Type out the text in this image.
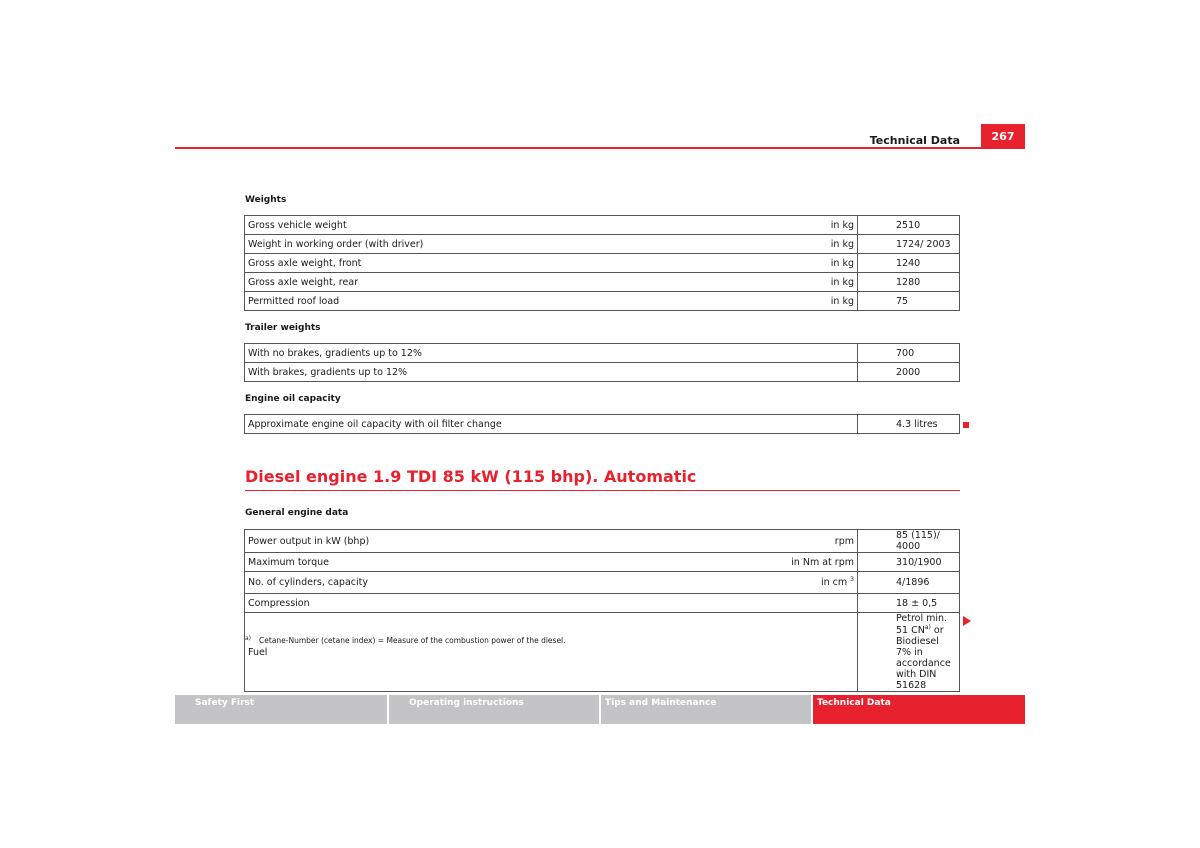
Technical Data	267
Weights
Gross vehicle weight	in kg	2510
Weight in working order (with driver)	in kg	1724/ 2003
Gross axle weight, front	in kg	1240
Gross axle weight, rear	in kg	1280
Permitted roof load	in kg	75
Trailer weights
With no brakes, gradients up to 12%		700
With brakes, gradients up to 12%		2000
Engine oil capacity
Approximate engine oil capacity with oil filter change		4.3 litres
Diesel engine 1.9 TDI 85 kW (115 bhp). Automatic
General engine data
Power output in kW (bhp)	rpm	85 (115)/ 4000
Maximum torque	in Nm at rpm	310/1900
No. of cylinders, capacity	in cm $^3$	4/1896
Compression		18 ± 0,5
Fuel		Petrol min. 51 CN$^{a)}$ or Biodiesel 7% in accordance with DIN 51628
$^{a)}$ Cetane-Number (cetane index) = Measure of the combustion power of the diesel.
Safety First	Operating instructions	Tips and Maintenance	Technical Data
